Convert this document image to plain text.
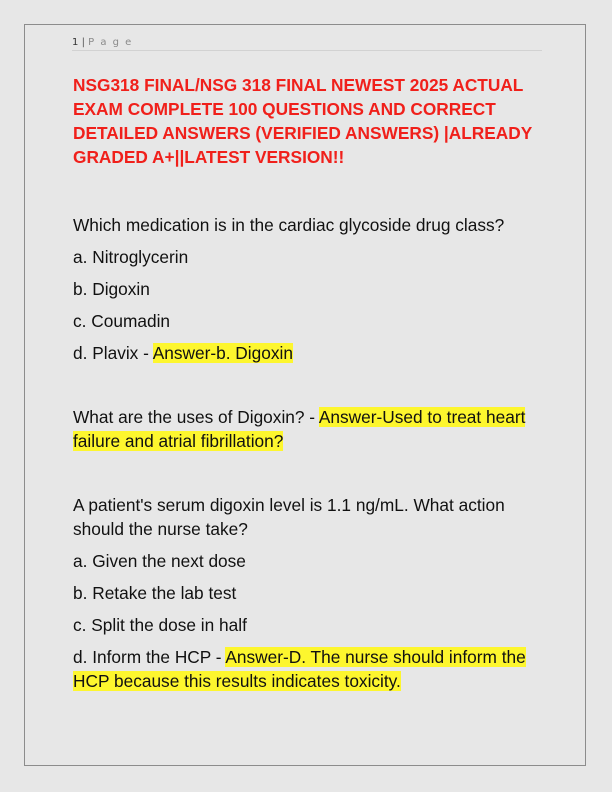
1 | P a g e

NSG318 FINAL/NSG 318 FINAL NEWEST 2025 ACTUAL EXAM COMPLETE 100 QUESTIONS AND CORRECT DETAILED ANSWERS (VERIFIED ANSWERS) |ALREADY GRADED A+||LATEST VERSION!!

Which medication is in the cardiac glycoside drug class?

a. Nitroglycerin

b. Digoxin

c. Coumadin

d. Plavix - Answer-b. Digoxin

What are the uses of Digoxin? - Answer-Used to treat heart failure and atrial fibrillation?

A patient's serum digoxin level is 1.1 ng/mL. What action should the nurse take?

a. Given the next dose

b. Retake the lab test

c. Split the dose in half

d. Inform the HCP - Answer-D. The nurse should inform the HCP because this results indicates toxicity.
